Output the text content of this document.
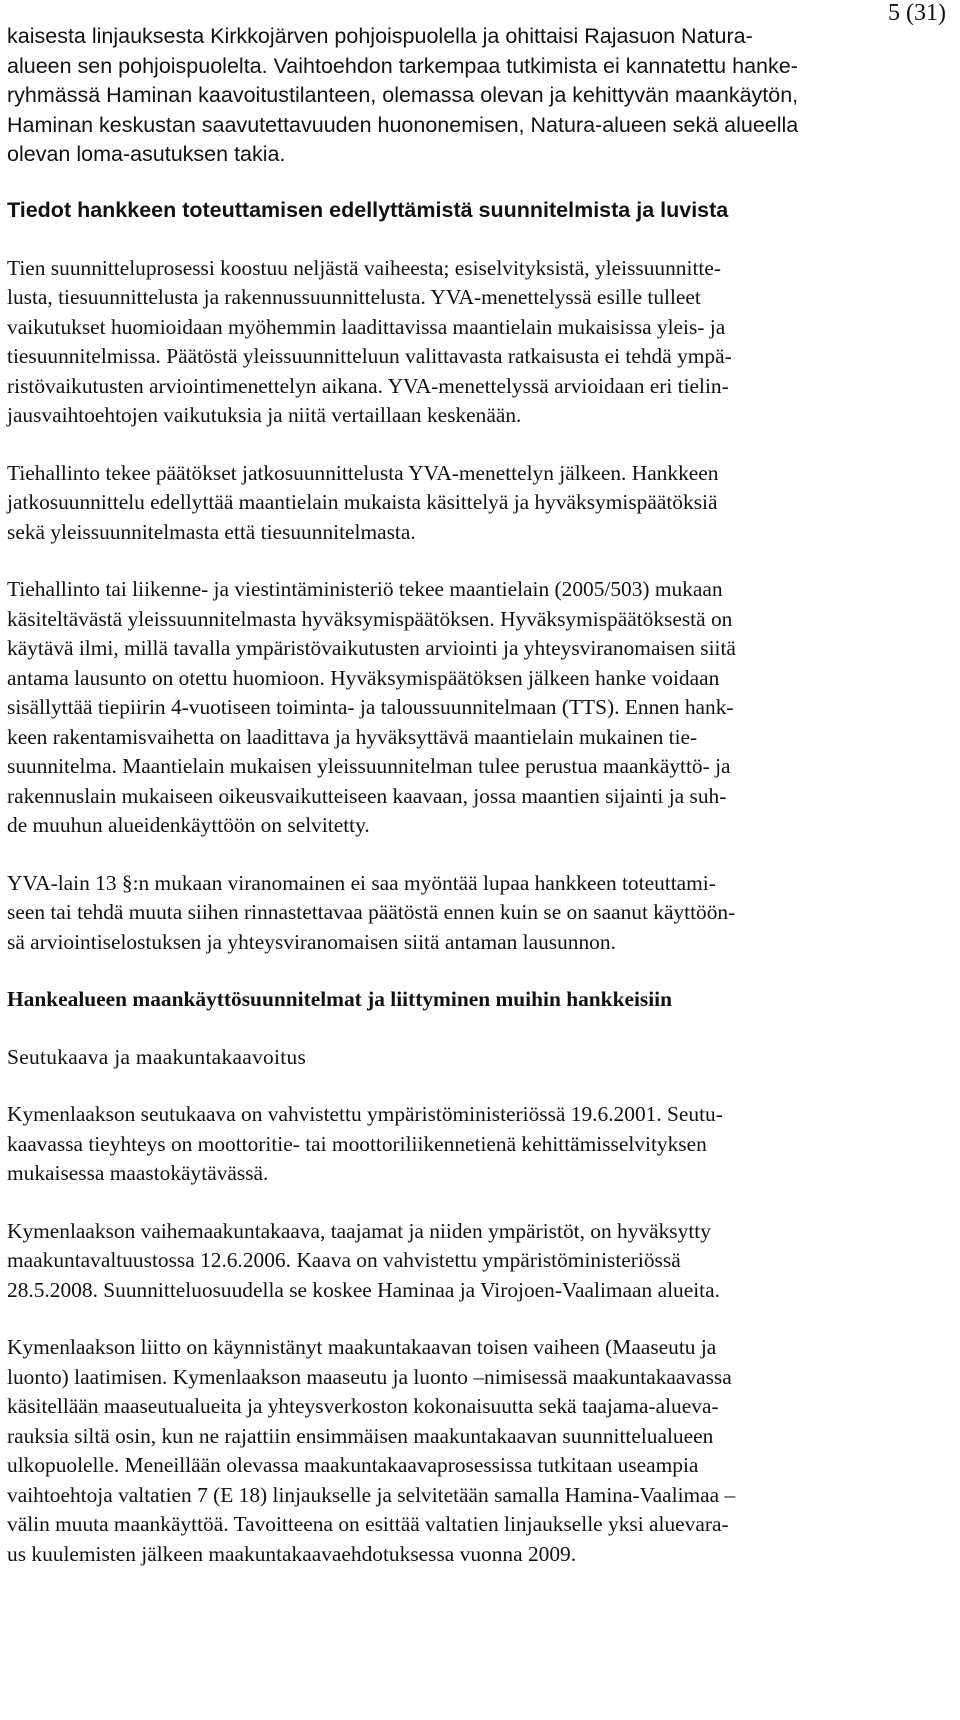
5 (31)

kaisesta linjauksesta Kirkkojärven pohjoispuolella ja ohittaisi Rajasuon Natura-
alueen sen pohjoispuolelta. Vaihtoehdon tarkempaa tutkimista ei kannatettu hanke-
ryhmässä Haminan kaavoitustilanteen, olemassa olevan ja kehittyvän maankäytön,
Haminan keskustan saavutettavuuden huononemisen, Natura-alueen sekä alueella
olevan loma-asutuksen takia.

Tiedot hankkeen toteuttamisen edellyttämistä suunnitelmista ja luvista

Tien suunnitteluprosessi koostuu neljästä vaiheesta; esiselvityksistä, yleissuunnitte-
lusta, tiesuunnittelusta ja rakennussuunnittelusta. YVA-menettelyssä esille tulleet
vaikutukset huomioidaan myöhemmin laadittavissa maantielain mukaisissa yleis- ja
tiesuunnitelmissa. Päätöstä yleissuunnitteluun valittavasta ratkaisusta ei tehdä ympä-
ristövaikutusten arviointimenettelyn aikana. YVA-menettelyssä arvioidaan eri tielin-
jausvaihtoehtojen vaikutuksia ja niitä vertaillaan keskenään.

Tiehallinto tekee päätökset jatkosuunnittelusta YVA-menettelyn jälkeen. Hankkeen
jatkosuunnittelu edellyttää maantielain mukaista käsittelyä ja hyväksymispäätöksiä
sekä yleissuunnitelmasta että tiesuunnitelmasta.

Tiehallinto tai liikenne- ja viestintäministeriö tekee maantielain (2005/503) mukaan
käsiteltävästä yleissuunnitelmasta hyväksymispäätöksen. Hyväksymispäätöksestä on
käytävä ilmi, millä tavalla ympäristövaikutusten arviointi ja yhteysviranomaisen siitä
antama lausunto on otettu huomioon. Hyväksymispäätöksen jälkeen hanke voidaan
sisällyttää tiepiirin 4-vuotiseen toiminta- ja taloussuunnitelmaan (TTS). Ennen hank-
keen rakentamisvaihetta on laadittava ja hyväksyttävä maantielain mukainen tie-
suunnitelma. Maantielain mukaisen yleissuunnitelman tulee perustua maankäyttö- ja
rakennuslain mukaiseen oikeusvaikutteiseen kaavaan, jossa maantien sijainti ja suh-
de muuhun alueidenkäyttöön on selvitetty.

YVA-lain 13 §:n mukaan viranomainen ei saa myöntää lupaa hankkeen toteuttami-
seen tai tehdä muuta siihen rinnastettavaa päätöstä ennen kuin se on saanut käyttöön-
sä arviointiselostuksen ja yhteysviranomaisen siitä antaman lausunnon.

Hankealueen maankäyttösuunnitelmat ja liittyminen muihin hankkeisiin

Seutukaava ja maakuntakaavoitus

Kymenlaakson seutukaava on vahvistettu ympäristöministeriössä 19.6.2001. Seutu-
kaavassa tieyhteys on moottoritie- tai moottoriliikennetienä kehittämisselvityksen
mukaisessa maastokäytävässä.

Kymenlaakson vaihemaakuntakaava, taajamat ja niiden ympäristöt, on hyväksytty
maakuntavaltuustossa 12.6.2006. Kaava on vahvistettu ympäristöministeriössä
28.5.2008. Suunnitteluosuudella se koskee Haminaa ja Virojoen-Vaalimaan alueita.

Kymenlaakson liitto on käynnistänyt maakuntakaavan toisen vaiheen (Maaseutu ja
luonto) laatimisen. Kymenlaakson maaseutu ja luonto –nimisessä maakuntakaavassa
käsitellään maaseutualueita ja yhteysverkoston kokonaisuutta sekä taajama-alueva-
rauksia siltä osin, kun ne rajattiin ensimmäisen maakuntakaavan suunnittelualueen
ulkopuolelle. Meneillään olevassa maakuntakaavaprosessissa tutkitaan useampia
vaihtoehtoja valtatien 7 (E 18) linjaukselle ja selvitetään samalla Hamina-Vaalimaa –
välin muuta maankäyttöä. Tavoitteena on esittää valtatien linjaukselle yksi aluevara-
us kuulemisten jälkeen maakuntakaavaehdotuksessa vuonna 2009.
